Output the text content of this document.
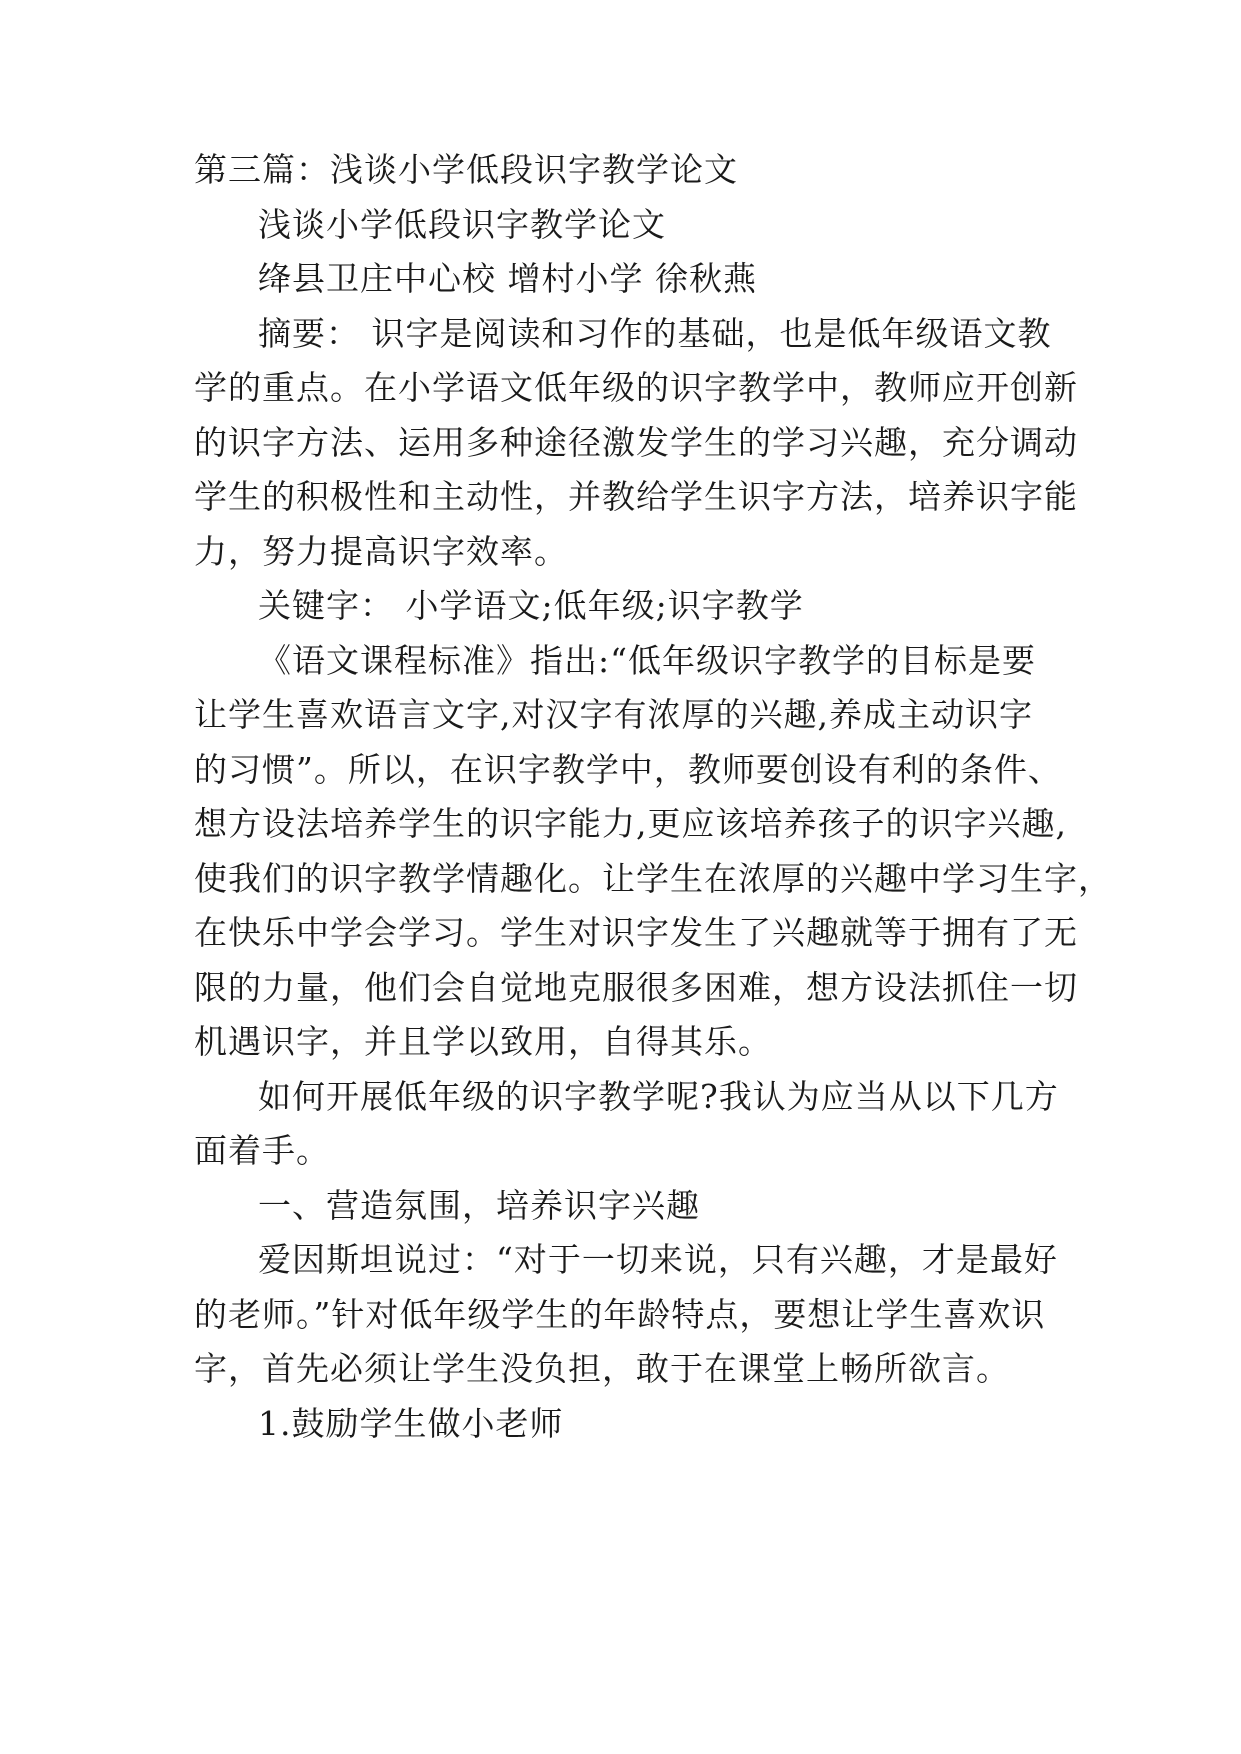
第三篇：浅谈小学低段识字教学论文
浅谈小学低段识字教学论文
绛县卫庄中心校 增村小学 徐秋燕
摘要： 识字是阅读和习作的基础，也是低年级语文教
学的重点。在小学语文低年级的识字教学中，教师应开创新
的识字方法、运用多种途径激发学生的学习兴趣，充分调动
学生的积极性和主动性，并教给学生识字方法，培养识字能
力，努力提高识字效率。
关键字： 小学语文;低年级;识字教学
《语文课程标准》指出:“低年级识字教学的目标是要
让学生喜欢语言文字,对汉字有浓厚的兴趣,养成主动识字
的习惯”。所以，在识字教学中，教师要创设有利的条件、
想方设法培养学生的识字能力,更应该培养孩子的识字兴趣,
使我们的识字教学情趣化。让学生在浓厚的兴趣中学习生字，
在快乐中学会学习。学生对识字发生了兴趣就等于拥有了无
限的力量，他们会自觉地克服很多困难，想方设法抓住一切
机遇识字，并且学以致用，自得其乐。
如何开展低年级的识字教学呢?我认为应当从以下几方
面着手。
一、营造氛围，培养识字兴趣
爱因斯坦说过：“对于一切来说，只有兴趣，才是最好
的老师。”针对低年级学生的年龄特点，要想让学生喜欢识
字，首先必须让学生没负担，敢于在课堂上畅所欲言。
1.鼓励学生做小老师
